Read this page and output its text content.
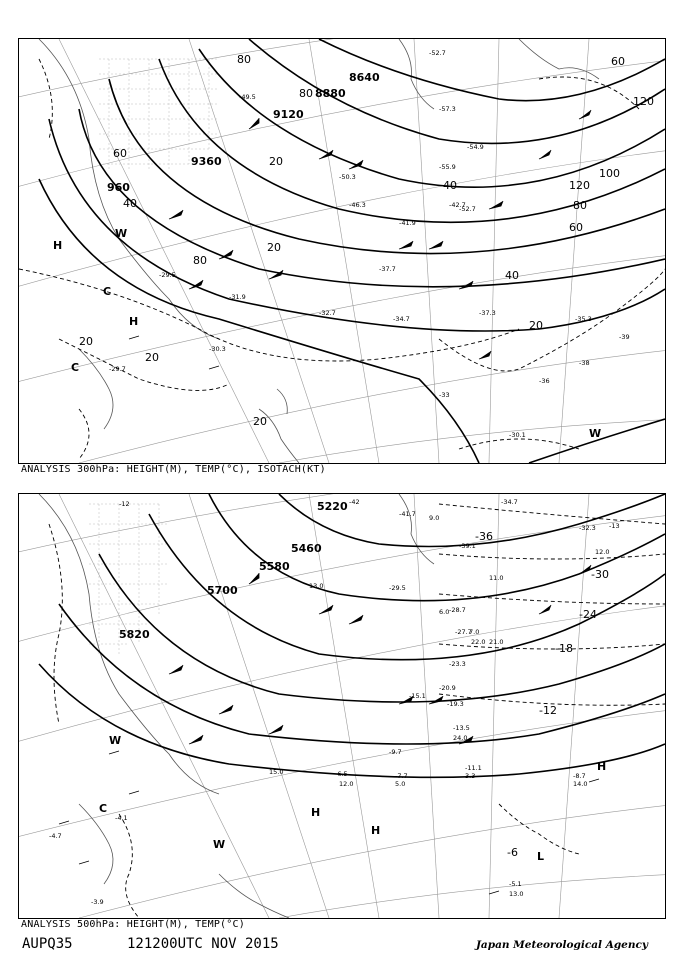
8640
8880
9120
9360
960
80
80
60
40
20
80
20
20
20
40
60
80
100
120
120
40
20
20
60
H
H
C
C
W
W
-52.7
-57.3
-55.9
-54.9
-52.7
-49.5
-50.3
-46.3	-42.7
-41.9
-37.7
-34.7
-32.7
-31.9
-30.3
-29.7
-35.3
-37.3
-30.1
-33
-39
-38
-36
-29.5
ANALYSIS 300hPa: HEIGHT(M), TEMP(°C), ISOTACH(KT)
5220
5460
5580
5700
5820
-36
-30
-24
-18
-12
-6
H
H
H
L
C
W
W
-42
-41.7
-39.1
-34.7
-32.3
-29.5
-28.7
-27.7
-23.3
-20.9
-19.3
-15.1
-13.5
-11.1
-9.7
-7.7
-6.5
-5.1
-8.7
-3.9
-4.1
-4.7
-12
-13
9.0
11.0
12.0
14.0
13.0
24.0
22.0 21.0
15.0
12.0	5.0
3.3
13.0
7.0
6.0
ANALYSIS 500hPa: HEIGHT(M), TEMP(°C)
AUPQ35	121200UTC NOV 2015	Japan Meteorological Agency
